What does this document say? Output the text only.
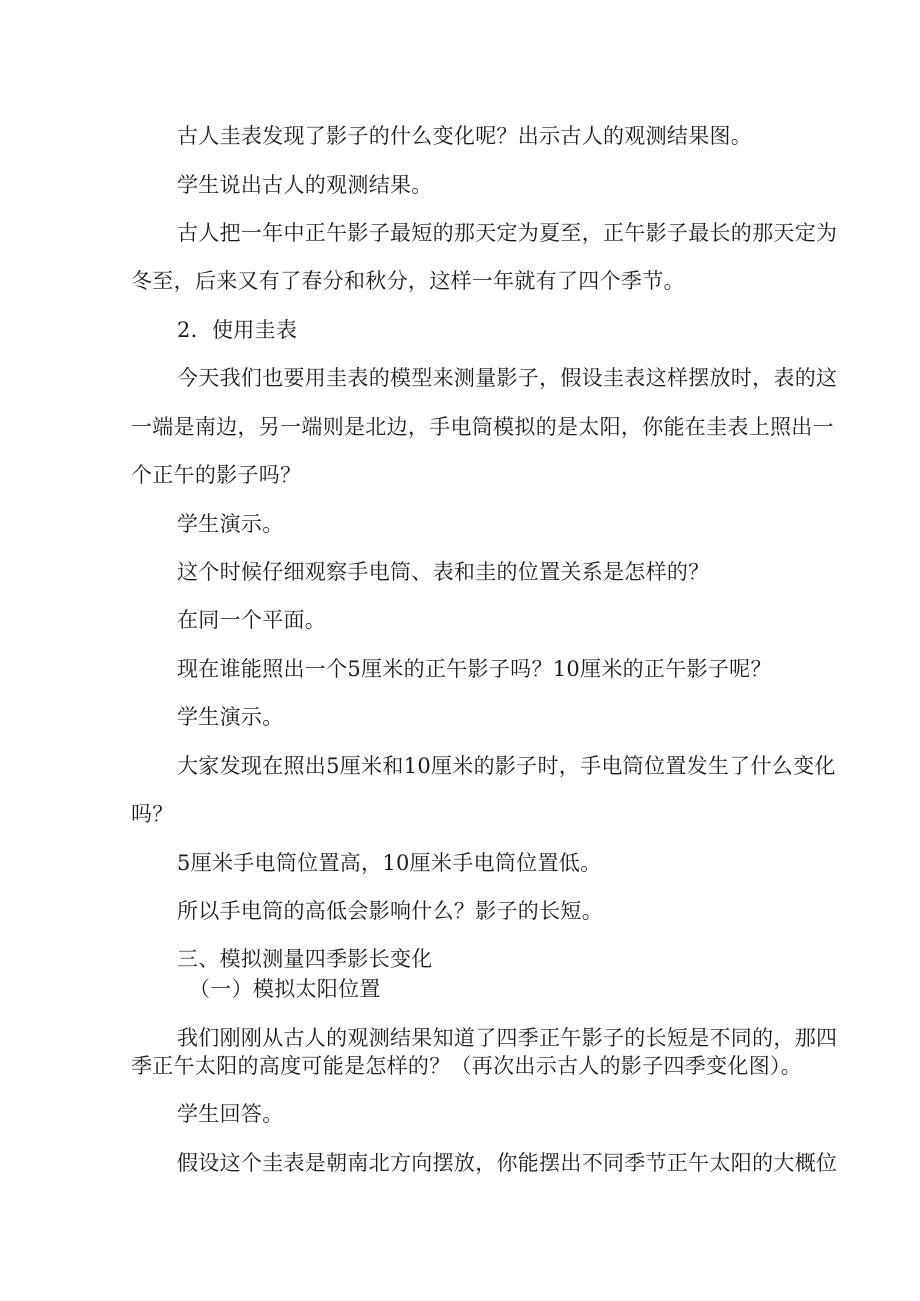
古人圭表发现了影子的什么变化呢？出示古人的观测结果图。
学生说出古人的观测结果。
古人把一年中正午影子最短的那天定为夏至，正午影子最长的那天定为
冬至，后来又有了春分和秋分，这样一年就有了四个季节。
2．使用圭表
今天我们也要用圭表的模型来测量影子，假设圭表这样摆放时，表的这
一端是南边，另一端则是北边，手电筒模拟的是太阳，你能在圭表上照出一
个正午的影子吗？
学生演示。
这个时候仔细观察手电筒、表和圭的位置关系是怎样的？
在同一个平面。
现在谁能照出一个5厘米的正午影子吗？10厘米的正午影子呢？
学生演示。
大家发现在照出5厘米和10厘米的影子时，手电筒位置发生了什么变化
吗？
5厘米手电筒位置高，10厘米手电筒位置低。
所以手电筒的高低会影响什么？影子的长短。
三、模拟测量四季影长变化
（一）模拟太阳位置
我们刚刚从古人的观测结果知道了四季正午影子的长短是不同的，那四
季正午太阳的高度可能是怎样的？（再次出示古人的影子四季变化图）。
学生回答。
假设这个圭表是朝南北方向摆放，你能摆出不同季节正午太阳的大概位
